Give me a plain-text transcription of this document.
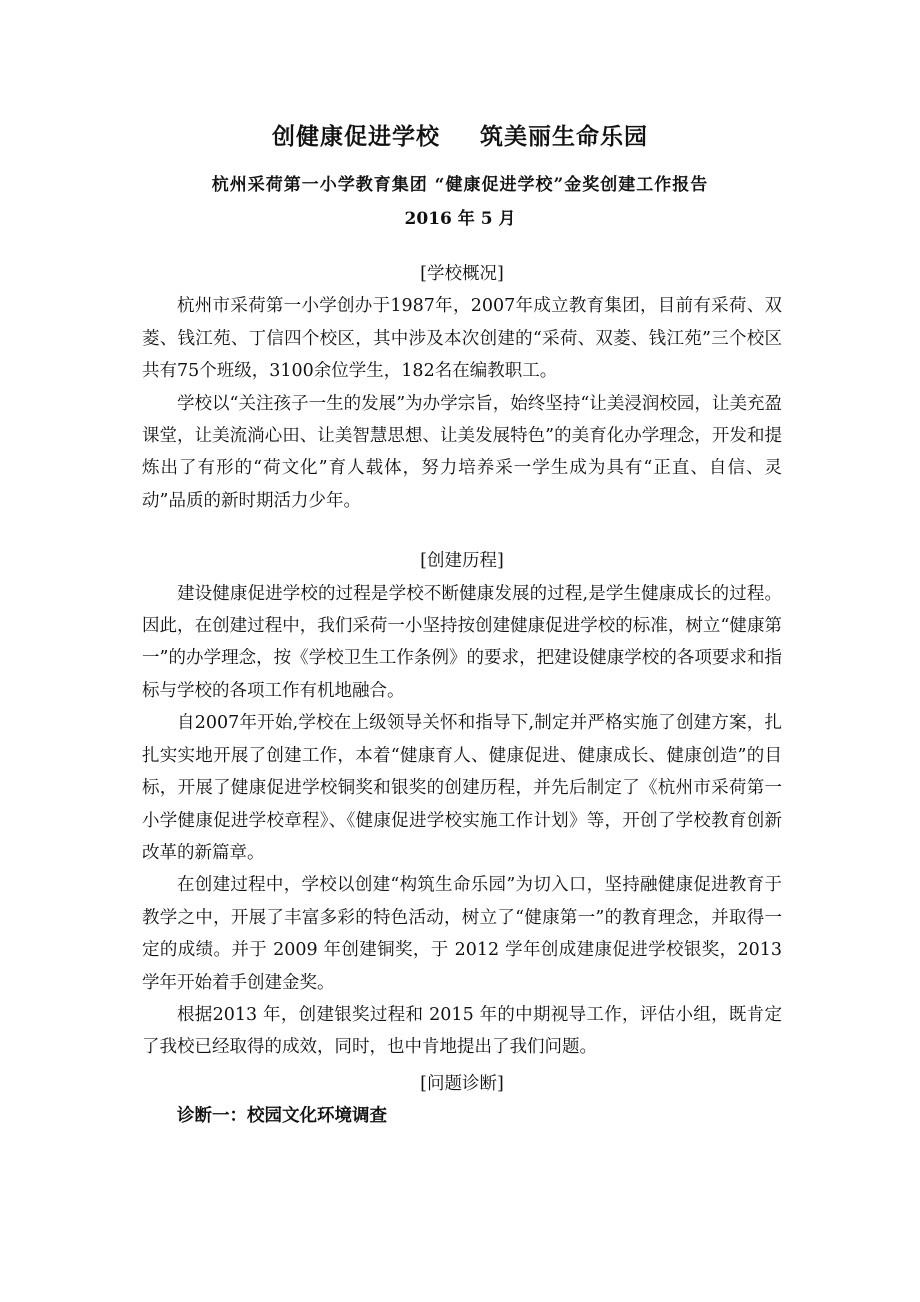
创健康促进学校 筑美丽生命乐园
杭州采荷第一小学教育集团 “健康促进学校”金奖创建工作报告
2016 年 5 月

[学校概况]

杭州市采荷第一小学创办于1987年，2007年成立教育集团，目前有采荷、双菱、钱江苑、丁信四个校区，其中涉及本次创建的“采荷、双菱、钱江苑”三个校区共有75个班级，3100余位学生，182名在编教职工。

学校以“关注孩子一生的发展”为办学宗旨，始终坚持“让美浸润校园，让美充盈课堂，让美流淌心田、让美智慧思想、让美发展特色”的美育化办学理念，开发和提炼出了有形的“荷文化”育人载体，努力培养采一学生成为具有“正直、自信、灵动”品质的新时期活力少年。

[创建历程]

建设健康促进学校的过程是学校不断健康发展的过程,是学生健康成长的过程。因此，在创建过程中，我们采荷一小坚持按创建健康促进学校的标准，树立“健康第一”的办学理念，按《学校卫生工作条例》的要求，把建设健康学校的各项要求和指标与学校的各项工作有机地融合。

自2007年开始,学校在上级领导关怀和指导下,制定并严格实施了创建方案，扎扎实实地开展了创建工作，本着“健康育人、健康促进、健康成长、健康创造”的目标，开展了健康促进学校铜奖和银奖的创建历程，并先后制定了《杭州市采荷第一小学健康促进学校章程》、《健康促进学校实施工作计划》等，开创了学校教育创新改革的新篇章。

在创建过程中，学校以创建“构筑生命乐园”为切入口，坚持融健康促进教育于教学之中，开展了丰富多彩的特色活动，树立了“健康第一”的教育理念，并取得一定的成绩。并于 2009 年创建铜奖，于 2012 学年创成建康促进学校银奖，2013 学年开始着手创建金奖。

根据2013 年，创建银奖过程和 2015 年的中期视导工作，评估小组，既肯定了我校已经取得的成效，同时，也中肯地提出了我们问题。

[问题诊断]

诊断一：校园文化环境调查
